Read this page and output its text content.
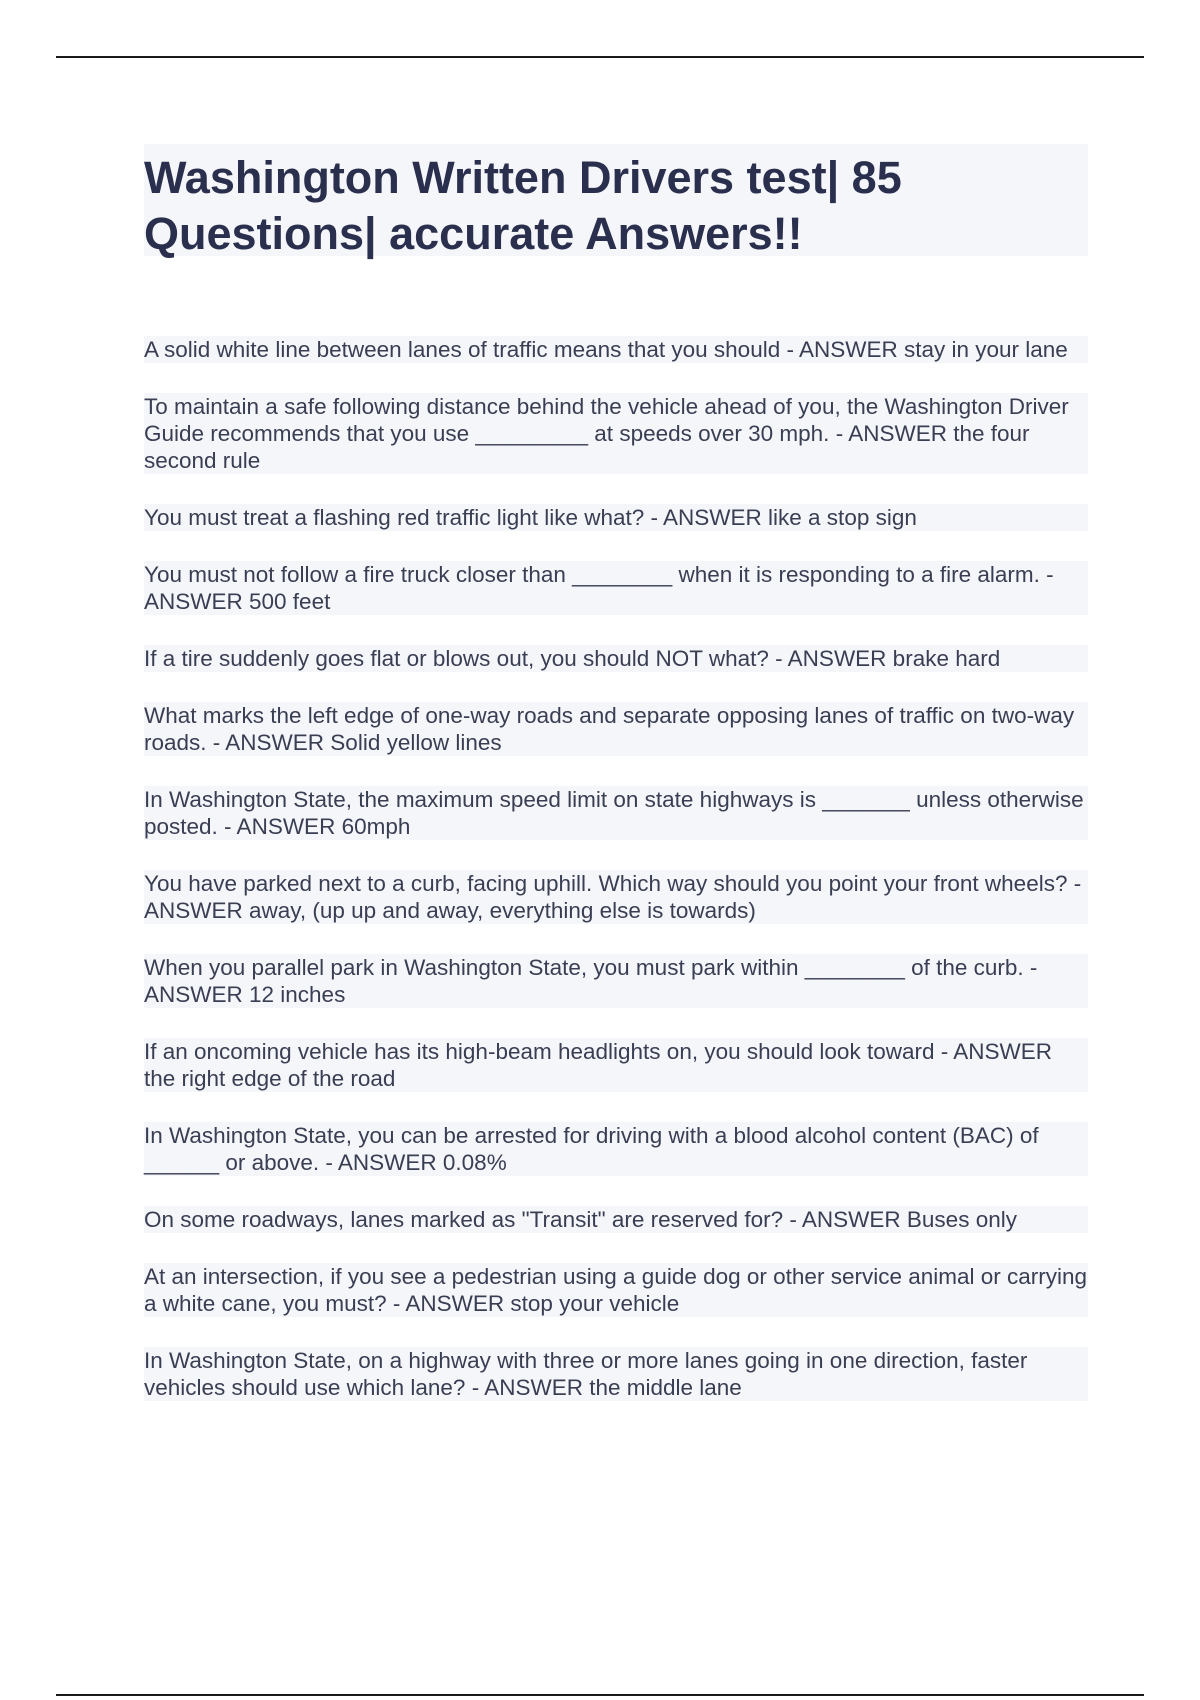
Washington Written Drivers test| 85 Questions| accurate Answers!!
A solid white line between lanes of traffic means that you should - ANSWER stay in your lane
To maintain a safe following distance behind the vehicle ahead of you, the Washington Driver Guide recommends that you use _________ at speeds over 30 mph. - ANSWER the four second rule
You must treat a flashing red traffic light like what? - ANSWER like a stop sign
You must not follow a fire truck closer than ________ when it is responding to a fire alarm. - ANSWER 500 feet
If a tire suddenly goes flat or blows out, you should NOT what? - ANSWER brake hard
What marks the left edge of one-way roads and separate opposing lanes of traffic on two-way roads. - ANSWER Solid yellow lines
In Washington State, the maximum speed limit on state highways is _______ unless otherwise posted. - ANSWER 60mph
You have parked next to a curb, facing uphill. Which way should you point your front wheels? - ANSWER away, (up up and away, everything else is towards)
When you parallel park in Washington State, you must park within ________ of the curb. - ANSWER 12 inches
If an oncoming vehicle has its high-beam headlights on, you should look toward - ANSWER the right edge of the road
In Washington State, you can be arrested for driving with a blood alcohol content (BAC) of ______ or above. - ANSWER 0.08%
On some roadways, lanes marked as "Transit" are reserved for? - ANSWER Buses only
At an intersection, if you see a pedestrian using a guide dog or other service animal or carrying a white cane, you must? - ANSWER stop your vehicle
In Washington State, on a highway with three or more lanes going in one direction, faster vehicles should use which lane? - ANSWER the middle lane
